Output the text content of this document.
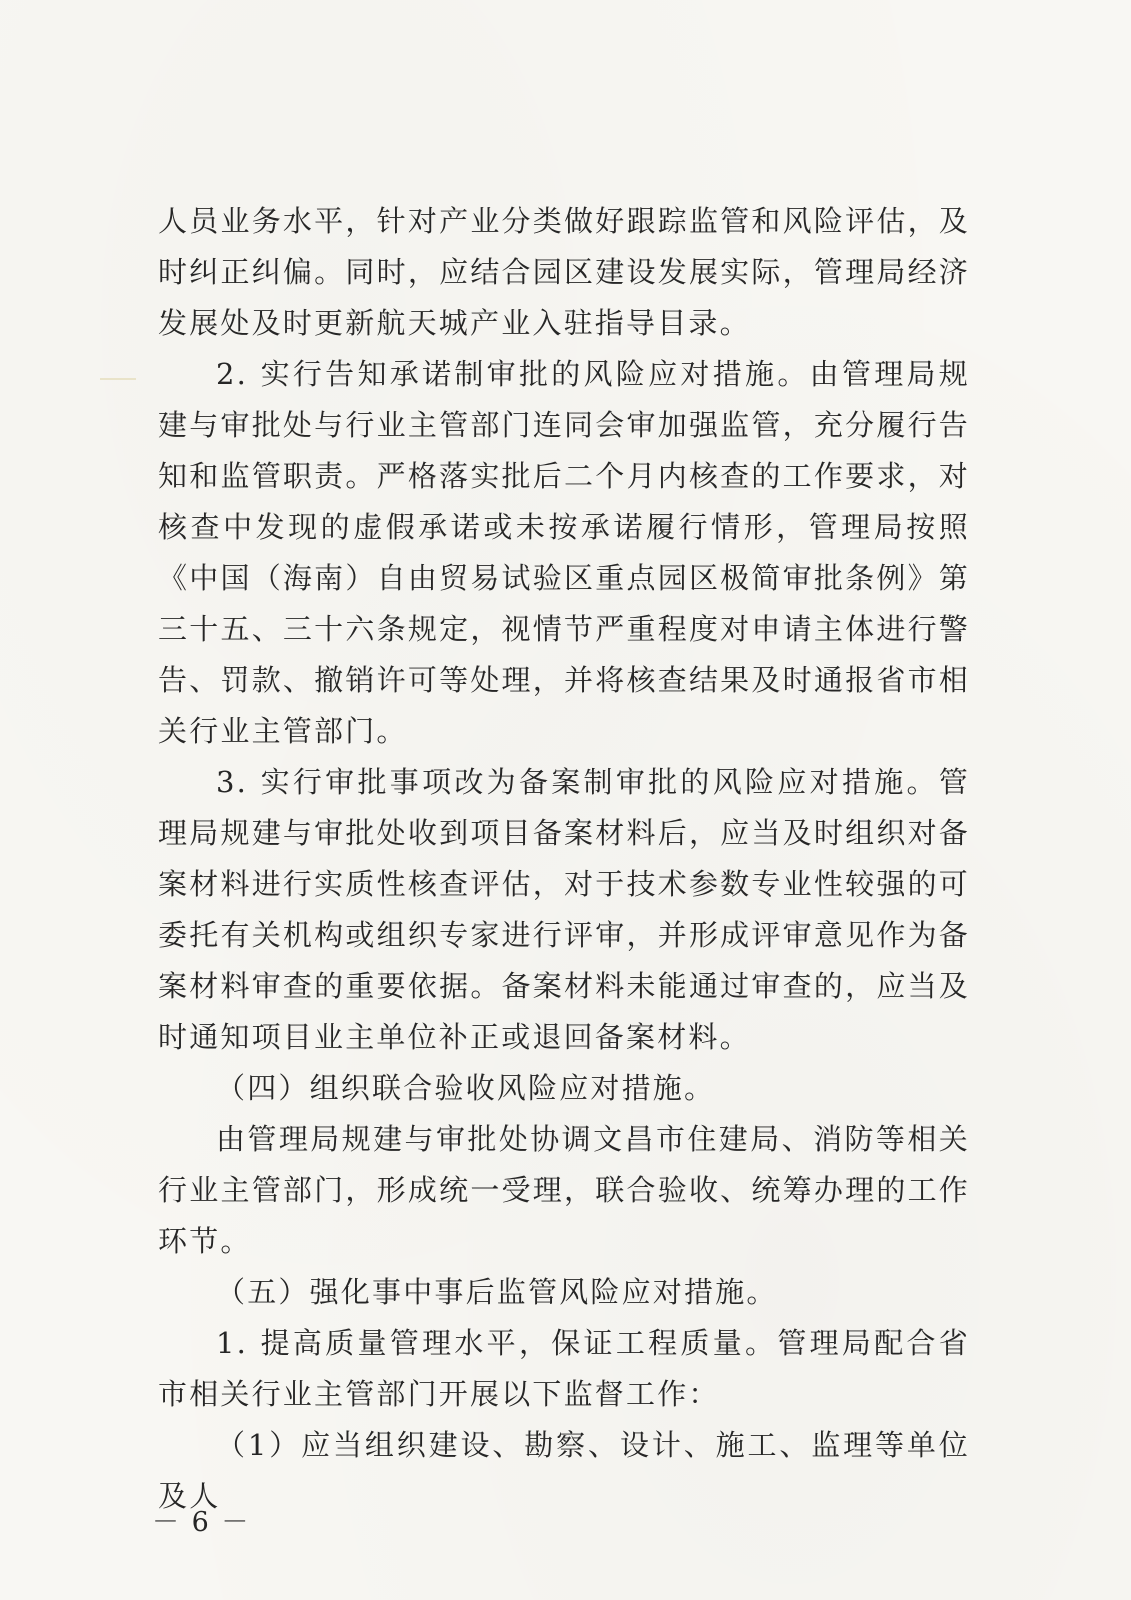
人员业务水平，针对产业分类做好跟踪监管和风险评估，及时纠正纠偏。同时，应结合园区建设发展实际，管理局经济发展处及时更新航天城产业入驻指导目录。

2. 实行告知承诺制审批的风险应对措施。由管理局规建与审批处与行业主管部门连同会审加强监管，充分履行告知和监管职责。严格落实批后二个月内核查的工作要求，对核查中发现的虚假承诺或未按承诺履行情形，管理局按照《中国（海南）自由贸易试验区重点园区极简审批条例》第三十五、三十六条规定，视情节严重程度对申请主体进行警告、罚款、撤销许可等处理，并将核查结果及时通报省市相关行业主管部门。

3. 实行审批事项改为备案制审批的风险应对措施。管理局规建与审批处收到项目备案材料后，应当及时组织对备案材料进行实质性核查评估，对于技术参数专业性较强的可委托有关机构或组织专家进行评审，并形成评审意见作为备案材料审查的重要依据。备案材料未能通过审查的，应当及时通知项目业主单位补正或退回备案材料。

（四）组织联合验收风险应对措施。

由管理局规建与审批处协调文昌市住建局、消防等相关行业主管部门，形成统一受理，联合验收、统筹办理的工作环节。

（五）强化事中事后监管风险应对措施。

1. 提高质量管理水平，保证工程质量。管理局配合省市相关行业主管部门开展以下监督工作：

（1）应当组织建设、勘察、设计、施工、监理等单位及人

－ 6 －
